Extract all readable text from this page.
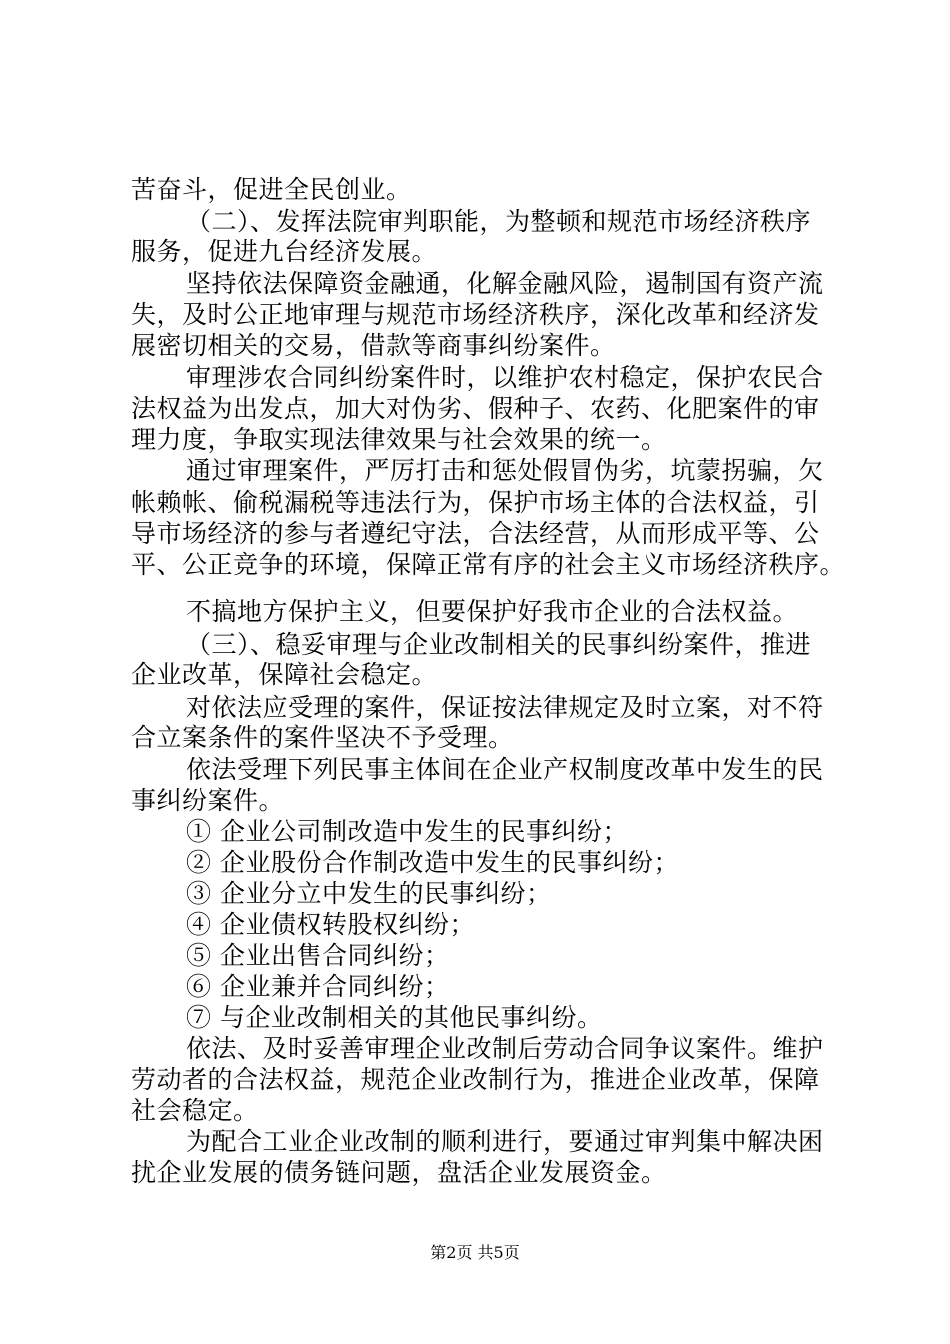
苦奋斗，促进全民创业。
（二）、发挥法院审判职能，为整顿和规范市场经济秩序
服务，促进九台经济发展。
坚持依法保障资金融通，化解金融风险，遏制国有资产流
失，及时公正地审理与规范市场经济秩序，深化改革和经济发
展密切相关的交易，借款等商事纠纷案件。
审理涉农合同纠纷案件时，以维护农村稳定，保护农民合
法权益为出发点，加大对伪劣、假种子、农药、化肥案件的审
理力度，争取实现法律效果与社会效果的统一。
通过审理案件，严厉打击和惩处假冒伪劣，坑蒙拐骗，欠
帐赖帐、偷税漏税等违法行为，保护市场主体的合法权益，引
导市场经济的参与者遵纪守法，合法经营，从而形成平等、公
平、公正竞争的环境，保障正常有序的社会主义市场经济秩序。
不搞地方保护主义，但要保护好我市企业的合法权益。
（三）、稳妥审理与企业改制相关的民事纠纷案件，推进
企业改革，保障社会稳定。
对依法应受理的案件，保证按法律规定及时立案，对不符
合立案条件的案件坚决不予受理。
依法受理下列民事主体间在企业产权制度改革中发生的民
事纠纷案件。
① 企业公司制改造中发生的民事纠纷；
② 企业股份合作制改造中发生的民事纠纷；
③ 企业分立中发生的民事纠纷；
④ 企业债权转股权纠纷；
⑤ 企业出售合同纠纷；
⑥ 企业兼并合同纠纷；
⑦ 与企业改制相关的其他民事纠纷。
依法、及时妥善审理企业改制后劳动合同争议案件。维护
劳动者的合法权益，规范企业改制行为，推进企业改革，保障
社会稳定。
为配合工业企业改制的顺利进行，要通过审判集中解决困
扰企业发展的债务链问题，盘活企业发展资金。
第2页 共5页
